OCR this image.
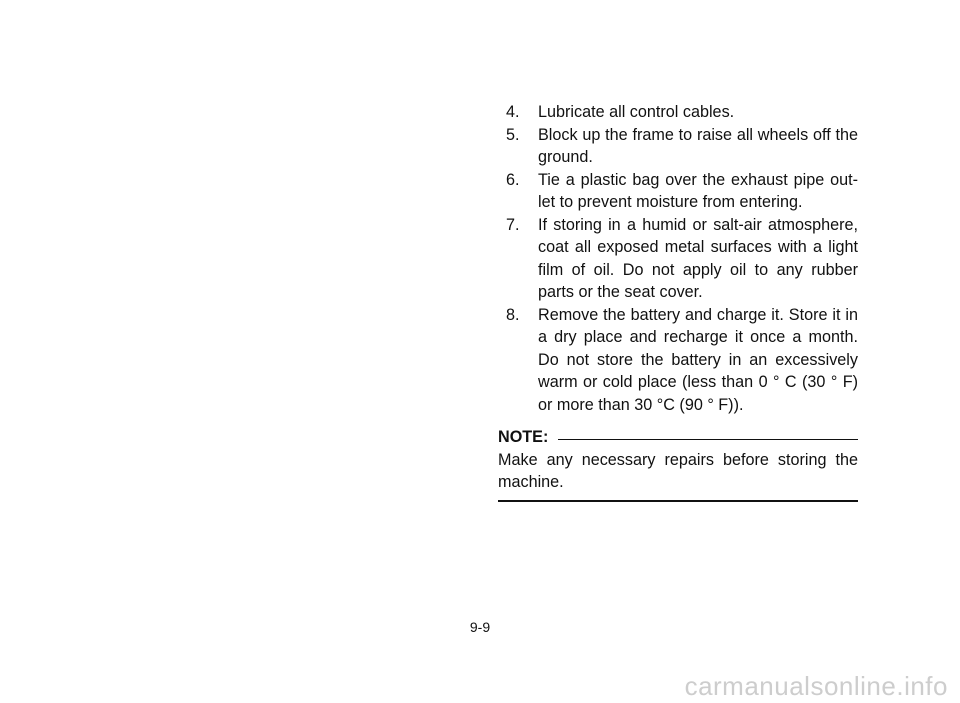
4. Lubricate all control cables.
5. Block up the frame to raise all wheels off the ground.
6. Tie a plastic bag over the exhaust pipe out-let to prevent moisture from entering.
7. If storing in a humid or salt-air atmosphere, coat all exposed metal surfaces with a light film of oil. Do not apply oil to any rubber parts or the seat cover.
8. Remove the battery and charge it. Store it in a dry place and recharge it once a month. Do not store the battery in an excessively warm or cold place (less than 0 ° C (30 ° F) or more than 30 °C (90 ° F)).
NOTE:
Make any necessary repairs before storing the machine.
9-9
carmanualsonline.info
